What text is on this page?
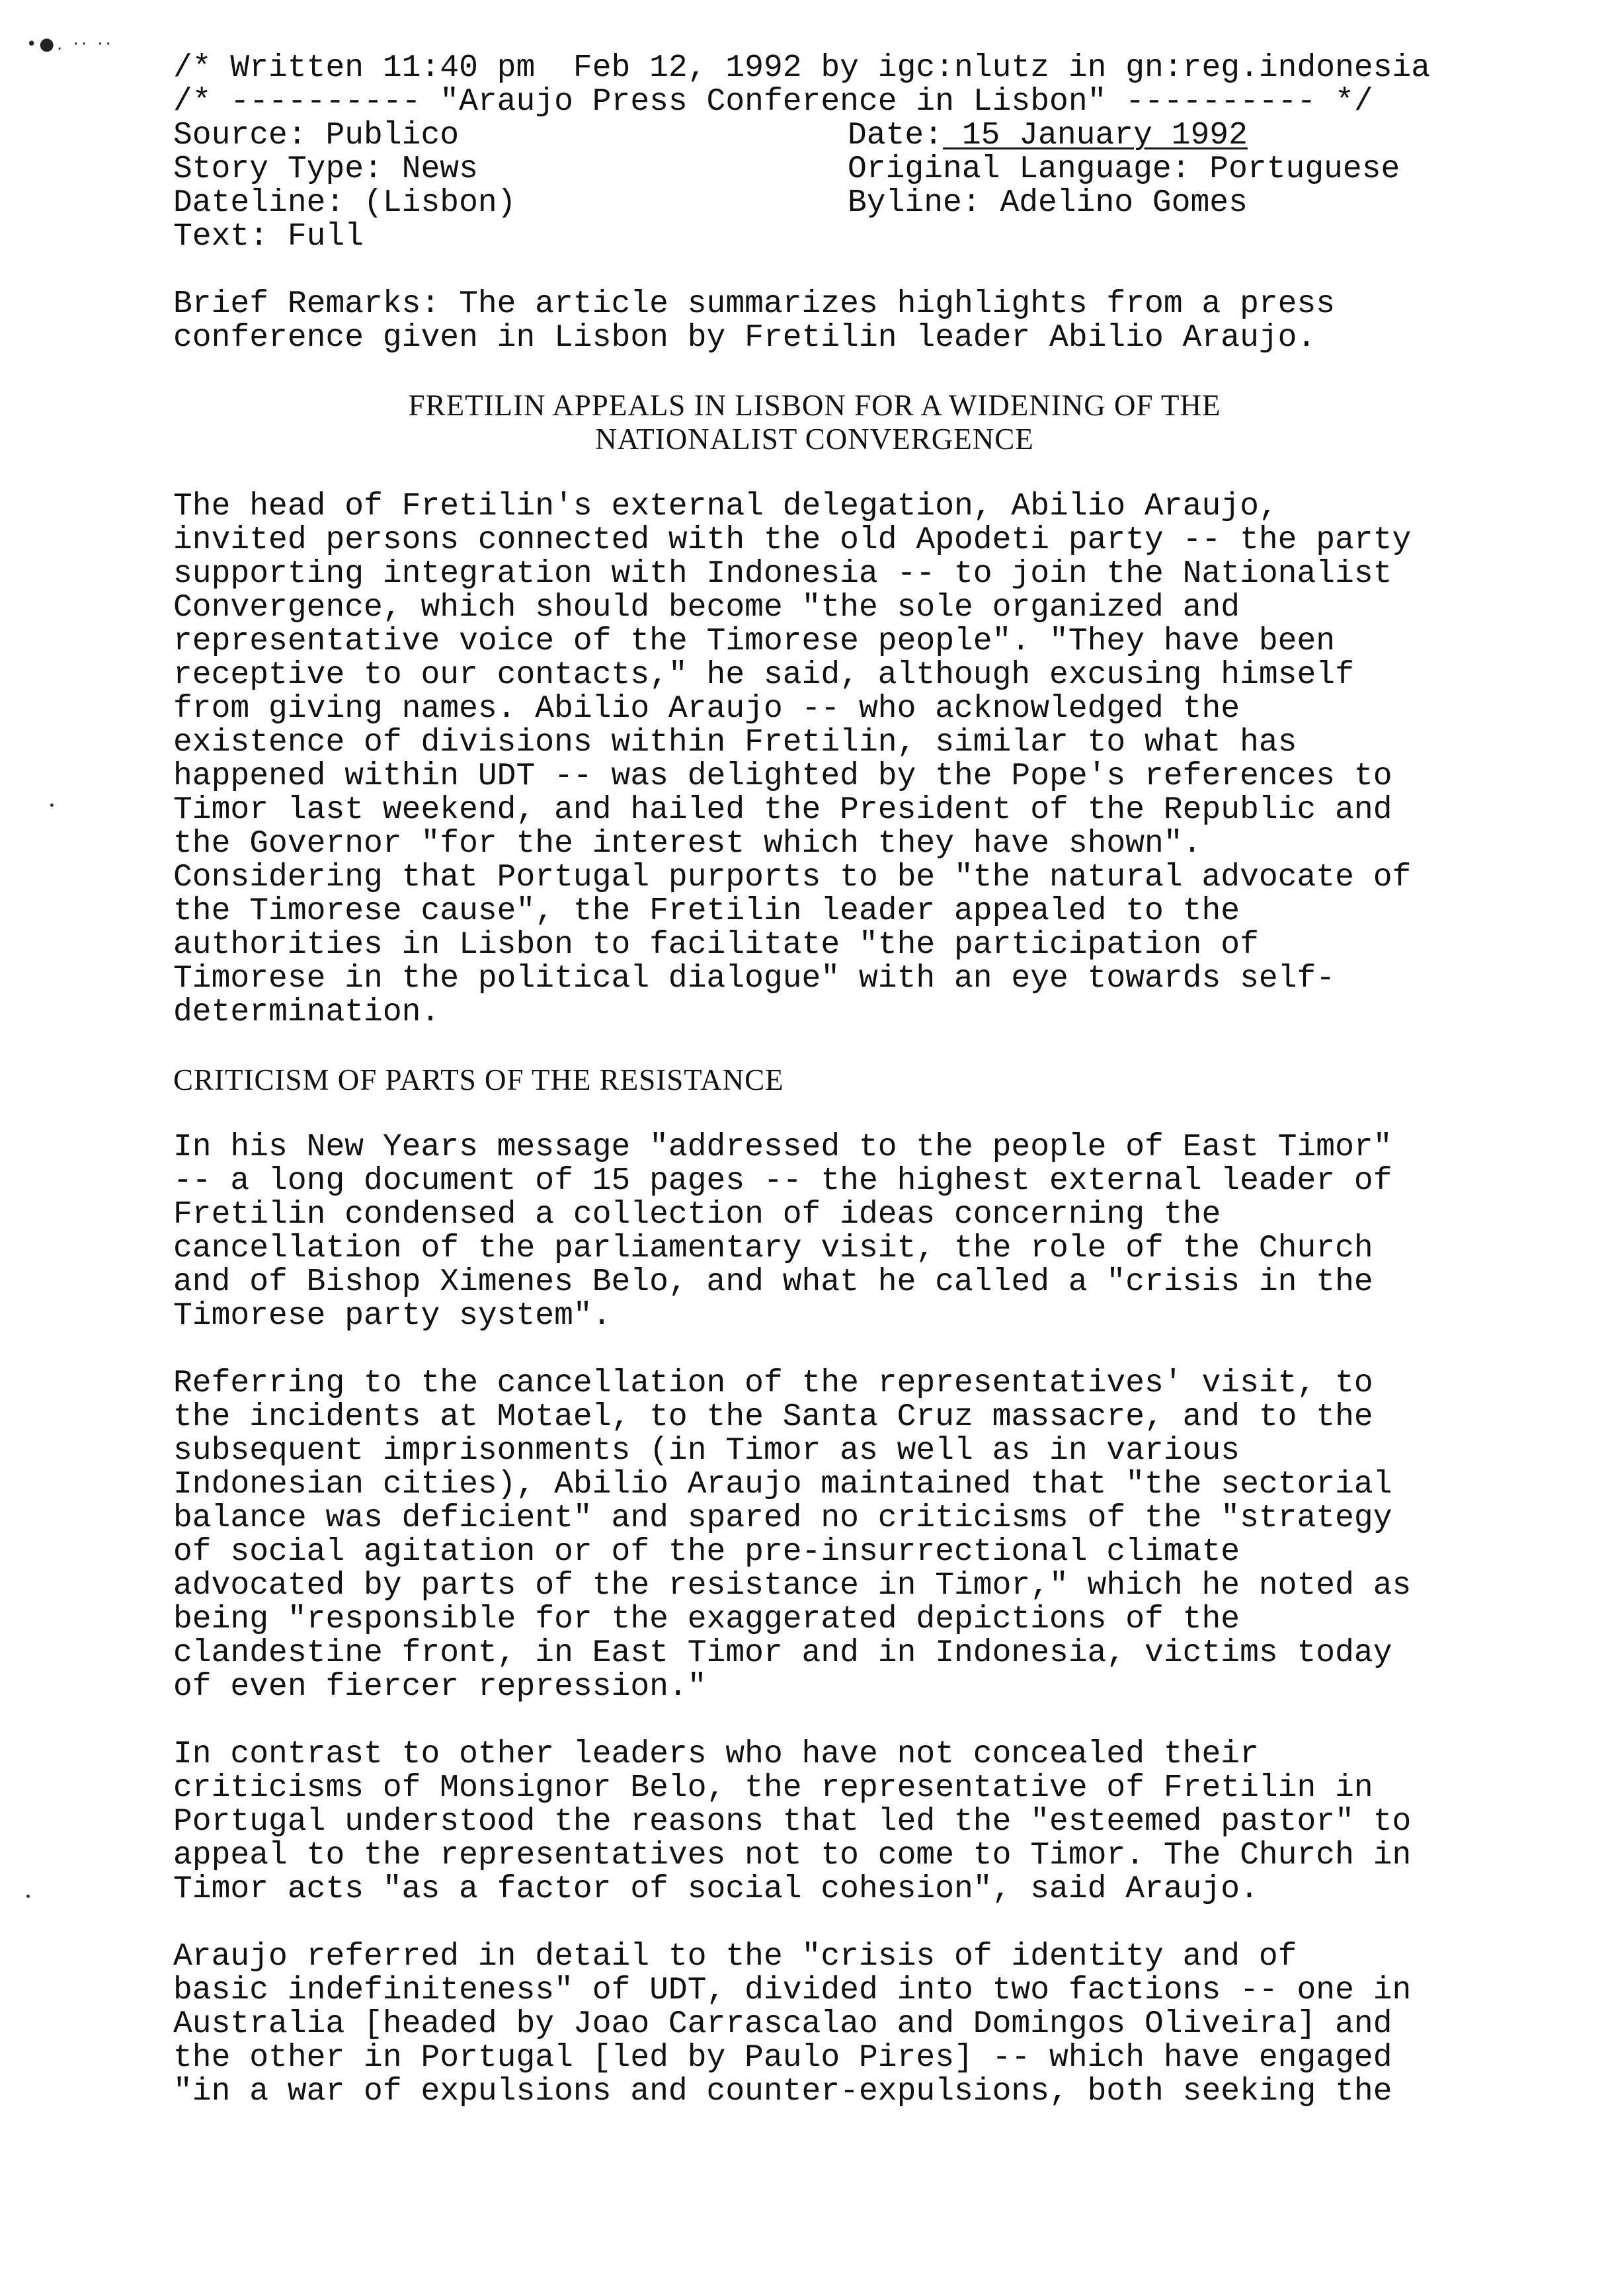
•●. ·· ··

/* Written 11:40 pm  Feb 12, 1992 by igc:nlutz in gn:reg.indonesia

/* ---------- "Araujo Press Conference in Lisbon" ---------- */

Source: Publico

Story Type: News

Dateline: (Lisbon)

Text: Full

Date: 15 January 1992

Original Language: Portuguese

Byline: Adelino Gomes

Brief Remarks: The article summarizes highlights from a press

conference given in Lisbon by Fretilin leader Abilio Araujo.

FRETILIN APPEALS IN LISBON FOR A WIDENING OF THE

NATIONALIST CONVERGENCE

The head of Fretilin's external delegation, Abilio Araujo,

invited persons connected with the old Apodeti party -- the party

supporting integration with Indonesia -- to join the Nationalist

Convergence, which should become "the sole organized and

representative voice of the Timorese people". "They have been

receptive to our contacts," he said, although excusing himself

from giving names. Abilio Araujo -- who acknowledged the

existence of divisions within Fretilin, similar to what has

happened within UDT -- was delighted by the Pope's references to

Timor last weekend, and hailed the President of the Republic and

the Governor "for the interest which they have shown".

Considering that Portugal purports to be "the natural advocate of

the Timorese cause", the Fretilin leader appealed to the

authorities in Lisbon to facilitate "the participation of

Timorese in the political dialogue" with an eye towards self-

determination.

CRITICISM OF PARTS OF THE RESISTANCE

In his New Years message "addressed to the people of East Timor"

-- a long document of 15 pages -- the highest external leader of

Fretilin condensed a collection of ideas concerning the

cancellation of the parliamentary visit, the role of the Church

and of Bishop Ximenes Belo, and what he called a "crisis in the

Timorese party system".

Referring to the cancellation of the representatives' visit, to

the incidents at Motael, to the Santa Cruz massacre, and to the

subsequent imprisonments (in Timor as well as in various

Indonesian cities), Abilio Araujo maintained that "the sectorial

balance was deficient" and spared no criticisms of the "strategy

of social agitation or of the pre-insurrectional climate

advocated by parts of the resistance in Timor," which he noted as

being "responsible for the exaggerated depictions of the

clandestine front, in East Timor and in Indonesia, victims today

of even fiercer repression."

In contrast to other leaders who have not concealed their

criticisms of Monsignor Belo, the representative of Fretilin in

Portugal understood the reasons that led the "esteemed pastor" to

appeal to the representatives not to come to Timor. The Church in

Timor acts "as a factor of social cohesion", said Araujo.

Araujo referred in detail to the "crisis of identity and of

basic indefiniteness" of UDT, divided into two factions -- one in

Australia [headed by Joao Carrascalao and Domingos Oliveira] and

the other in Portugal [led by Paulo Pires] -- which have engaged

"in a war of expulsions and counter-expulsions, both seeking the
